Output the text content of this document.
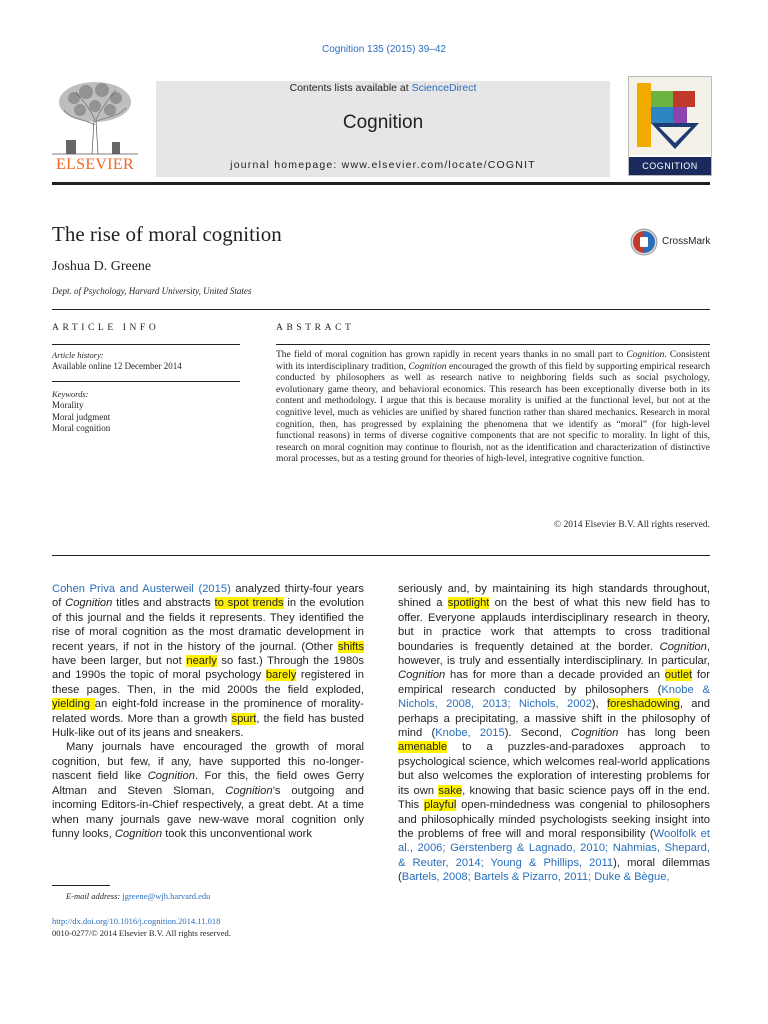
Cognition 135 (2015) 39–42
Contents lists available at ScienceDirect
Cognition
journal homepage: www.elsevier.com/locate/COGNIT
ELSEVIER	COGNITION
The rise of moral cognition	CrossMark
Joshua D. Greene
Dept. of Psychology, Harvard University, United States
ARTICLE INFO
Article history:
Available online 12 December 2014
Keywords:
Morality
Moral judgment
Moral cognition
ABSTRACT
The field of moral cognition has grown rapidly in recent years thanks in no small part to Cognition. Consistent with its interdisciplinary tradition, Cognition encouraged the growth of this field by supporting empirical research conducted by philosophers as well as research native to neighboring fields such as social psychology, evolutionary game theory, and behavioral economics. This research has been exceptionally diverse both in its content and methodology. I argue that this is because morality is unified at the functional level, but not at the cognitive level, much as vehicles are unified by shared function rather than shared mechanics. Research in moral cognition, then, has progressed by explaining the phenomena that we identify as “moral” (for high-level functional reasons) in terms of diverse cognitive components that are not specific to morality. In light of this, research on moral cognition may continue to flourish, not as the identification and characterization of distinctive moral processes, but as a testing ground for theories of high-level, integrative cognitive function.
© 2014 Elsevier B.V. All rights reserved.

Cohen Priva and Austerweil (2015) analyzed thirty-four years of Cognition titles and abstracts to spot trends in the evolution of this journal and the fields it represents. They identified the rise of moral cognition as the most dramatic development in recent years, if not in the history of the journal. (Other shifts have been larger, but not nearly so fast.) Through the 1980s and 1990s the topic of moral psychology barely registered in these pages. Then, in the mid 2000s the field exploded, yielding an eight-fold increase in the prominence of morality-related words. More than a growth spurt, the field has busted Hulk-like out of its jeans and sneakers.

Many journals have encouraged the growth of moral cognition, but few, if any, have supported this no-longer-nascent field like Cognition. For this, the field owes Gerry Altman and Steven Sloman, Cognition’s outgoing and incoming Editors-in-Chief respectively, a great debt. At a time when many journals gave new-wave moral cognition only funny looks, Cognition took this unconventional work

seriously and, by maintaining its high standards throughout, shined a spotlight on the best of what this new field has to offer. Everyone applauds interdisciplinary research in theory, but in practice work that attempts to cross traditional boundaries is frequently detained at the border. Cognition, however, is truly and essentially interdisciplinary. In particular, Cognition has for more than a decade provided an outlet for empirical research conducted by philosophers (Knobe & Nichols, 2008, 2013; Nichols, 2002), foreshadowing, and perhaps a precipitating, a massive shift in the philosophy of mind (Knobe, 2015). Second, Cognition has long been amenable to a puzzles-and-paradoxes approach to psychological science, which welcomes real-world applications but also welcomes the exploration of interesting problems for its own sake, knowing that basic science pays off in the end. This playful open-mindedness was congenial to philosophers and philosophically minded psychologists seeking insight into the problems of free will and moral responsibility (Woolfolk et al., 2006; Gerstenberg & Lagnado, 2010; Nahmias, Shepard, & Reuter, 2014; Young & Phillips, 2011), moral dilemmas (Bartels, 2008; Bartels & Pizarro, 2011; Duke & Bègue,

E-mail address: jgreene@wjh.harvard.edu
http://dx.doi.org/10.1016/j.cognition.2014.11.018
0010-0277/© 2014 Elsevier B.V. All rights reserved.
